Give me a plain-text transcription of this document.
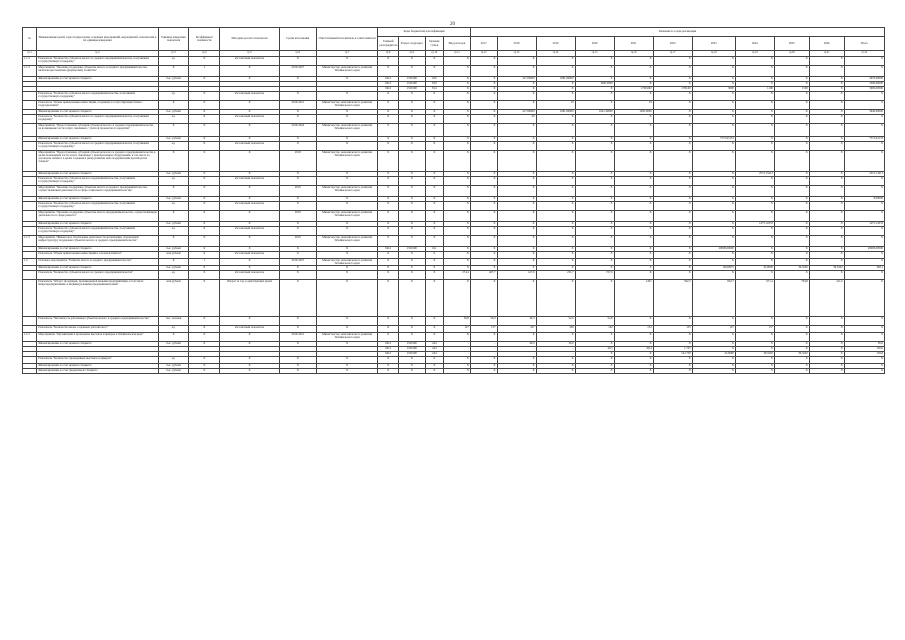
20
№	Наименование целей, задач подпрограмм, основных мероприятий, мероприятий, показателей и их единицы измерения	Единица измерения показателя	Коэффициент значимости	Методика расчета показателя	Сроки исполнения	Ответственный исполнитель и соисполнители	Коды бюджетной классификации				Значения по годам реализации										
							Главный распорядитель	Раздел, подраздел	Целевая статья	Вид расходов	2017	2018	2019	2020	2021	2022	2023	2024	2025	2026	Итого
гр.1	гр.2	гр.3	гр.4	гр.5	гр.6	гр.7	гр.8	гр.9	гр.10	гр.11	гр.12	гр.13	гр.14	гр.15	гр.16	гр.17	гр.18	гр.19	гр.20	гр.21	гр.22
1.1.2	Показатель "Количество субъектов малого и среднего предпринимательства, получивших государственную поддержку"	ед.	Х	абсолютный показатель	Х	Х	Х	Х	Х	Х	Х	Х	Х	Х	Х	Х	Х	Х	Х	Х	Х
1.1.3	Мероприятие "Оказание поддержки субъектам малого и среднего предпринимательства, включая крестьянские (фермерские) хозяйства"	Х	1	Х	2019-2027	Министерство экономического развития Забайкальского края	Х	Х	Х	Х	Х	Х	Х	Х	Х	Х	Х	Х	Х	Х	Х
	Финансирование за счет краевого бюджета	тыс. рублей	Х	Х	Х	Х	0412	1520100	630	Х	Х	417,00000	1081,60000	Х	Х	Х	Х	Х	Х	Х	2670,00000
							0412	1520100	810	Х	Х	Х	Х	1000,0000	Х	Х	Х	Х	Х	Х	1000,00000
							0412	1520100	814	Х	Х	Х	Х	Х	1700,000	1700,00	3000	1100	1500	Х	3000,00000
	Показатель "Количество субъектов малого предпринимательства, получивших государственную поддержку"	ед.	Х	абсолютный показатель	Х	Х	Х	Х	Х	Х	Х	Х	Х	Х	Х	Х	Х	Х	Х	Х	Х
	Показатель "Объем привлеченных инвестиций, созданных в сопутствующих бизнес-подразделениях"	Х	Х	Х	2019-2021	Министерство экономического развития Забайкальского края	Х	Х	Х	Х	Х	Х	19	Х	19	Х	Х	Х	Х	Х	Х
	Финансирование за счет краевого бюджета	тыс. рублей	Х	Х	Х	Х	Х	Х	Х	Х	Х	417,00000	1081,60000	1641,40000	1200,0000	Х	Х	Х	Х	Х	3940,00000
	Показатель "Количество субъектов малого и среднего предпринимательства, получивших поддержку"	ед.	Х	абсолютный показатель	Х	Х	Х	Х	Х	Х	Х	40	Х	Х	Х	Х	Х	Х	Х	Х	Х
	Мероприятие "Предоставление субсидий субъектам малого и среднего предпринимательства на возмещение части затрат, связанных с уплатой процентов по кредитам"	Х	Х	Х	2019-2024	Министерство экономического развития Забайкальского края	Х	Х	Х	Х	Х	Х	Х	Х	Х	Х	Х	Х	Х	Х	Х
	Финансирование за счет краевого бюджета	тыс. рублей	Х	Х	Х	Х	Х	Х	Х	Х	Х	Х	Х	Х	Х	Х	7573,63133	Х	Х	Х	7573,63133
	Показатель "Количество субъектов малого и среднего предпринимательства, получивших государственную поддержку"	ед.	Х	абсолютный показатель	Х	Х	Х	Х	Х	Х	Х	Х	Х	Х	Х	Х	Х	Х	Х	Х	Х
	Мероприятие "Предоставление субсидий субъектам малого и среднего предпринимательства в целях возмещения части затрат, связанных с приобретением оборудования, в том числе по договорам лизинга, в целях создания и (или) развития либо модернизации производства товаров"	Х	Х	Х	2018	Министерство экономического развития Забайкальского края	Х	Х	Х	Х	Х	Х	Х	Х	Х	Х	Х	Х	Х	Х	Х
	Финансирование за счет краевого бюджета	тыс. рублей	Х	Х	Х	Х	Х	Х	Х	Х	Х	Х	Х	Х	Х	Х	Х	2572,13413	Х	Х	2572,13413
	Показатель "Количество субъектов малого предпринимательства, получивших государственную поддержку"	ед.	Х	абсолютный показатель	Х	Х	Х	Х	Х	Х	Х	Х	Х	Х	Х	Х	Х	Х	Х	Х	Х
	Мероприятие "Оказание поддержки субъектам малого и среднего предпринимательства, осуществляющим деятельность в сфере социального предпринимательства"	Х	Х	Х	2019	Министерство экономического развития Забайкальского края	Х	Х	Х	Х	Х	Х	Х	Х	Х	Х	Х	Х	Х	Х	Х
	Финансирование за счет краевого бюджета	тыс. рублей	Х	Х	Х	Х	Х	Х	Х	Х	Х	Х	Х	Х	Х	Х	Х	Х	Х	Х	8,00000
	Показатель "Количество субъектов малого предпринимательства, получивших государственную поддержку"	ед.	Х	абсолютный показатель	Х	Х	Х	Х	Х	Х	Х	Х	Х	Х	Х	Х	Х	Х	Х	Х	Х
	Мероприятие "Оказание поддержки субъектам малого предпринимательства, осуществляющим деятельность в сфере ремесел"	Х	Х	Х	2018	Министерство экономического развития Забайкальского края	Х	Х	Х	Х	Х	Х	Х	Х	Х	Х	Х	Х	Х	Х	Х
	Финансирование за счет краевого бюджета	тыс. рублей	Х	Х	Х	Х	Х	Х	Х	Х	Х	Х	Х	Х	Х	Х	Х	1475,14333	Х	Х	1475,14333
	Показатель "Количество субъектов малого предпринимательства, получивших государственную поддержку"	ед.	Х	абсолютный показатель	Х	Х	Х	Х	Х	Х	Х	Х	Х	Х	Х	Х	Х	Х	Х	Х	Х
1.1.5	Мероприятие "Финансовое обеспечение деятельности организации, образующей инфраструктуру поддержки субъектов малого и среднего предпринимательства"	Х	Х	Х	2019	Министерство экономического развития Забайкальского края	Х	Х	Х	Х	Х	Х	Х	Х	Х	Х	Х	Х	Х	Х	Х
	Финансирование за счет краевого бюджета	тыс. рублей	Х	Х	Х	Х	0412	1520100	611	Х	Х	Х	Х	Х	Х	Х	29000,00000	Х	Х	Х	29000,00000
	Показатель "Объем привлеченных инвестиций в основной капитал"	млн рублей	Х	абсолютный показатель	Х	Х	Х	Х	Х	Х	Х	Х	Х	Х	Х	Х	Х	Х	Х	Х	Х
1.2	Основное мероприятие "Развитие малого и среднего предпринимательства"	Х	1	Х	2019-2027	Министерство экономического развития Забайкальского края	Х	Х	Х	Х	Х	Х	Х	Х	Х	Х	Х	Х	Х	Х	Х
	Финансирование за счет краевого бюджета	тыс. рублей	Х	Х	Х	Х	Х	Х	Х	Х	Х	Х	Х	Х	Х	Х	49,09975	45,0000	39,3202	39,3202	348,1
	Показатель "Количество субъектов малого и среднего предпринимательства"	ед.	Х	абсолютный показатель	Х	Х	Х	Х	Х	274,4	467,7	417,6	231,7	727,9	Х	Х	Х	Х	Х	Х	Х
	Показатель "Оборот продукции, произведенной малыми предприятиями, в том числе микропредприятиями, и индивидуальными предпринимателями"	млн рублей	Х	Оборот за год, в действующих ценах	Х	Х	Х	Х	Х	Х	Х	Х	Х	Х	1401	562,5	692,7	671,4	794,8	411,6	Х
	Показатель "Численность работников субъектов малого и среднего предпринимательства"	тыс. человек	Х	Х	Х	Х	Х	Х	Х	56,8	56,9	49,3	52,6	52,8	Х	Х	Х	Х	Х	Х	Х
	Показатель "Количество вновь созданных рабочих мест"	ед.	Х	абсолютный показатель	Х	Х	Х	Х	Х	127	157	167	168	162	152	155	127	157	Х	Х	Х
1.2.1	Мероприятие "Организация и проведение выставок и ярмарок в Забайкальском крае"	Х	Х	Х	2019-2021	Министерство экономического развития Забайкальского края	Х	Х	Х	Х	Х	Х	Х	Х	Х	Х	Х	Х	Х	Х	Х
	Финансирование за счет краевого бюджета	тыс. рублей	Х	Х	Х	Х	0412	1520100	244	-	-	49,0	36,0	Х	Х	Х	Х	Х	Х	Х	85,0
							0412	1520100	244	-	-	-	-	49,5	69,4	1,725	Х	Х	Х	Х	120,6
							0412	1520100	244	-	-	-	-	Х	Х	16,1736	45,0000	39,3202	39,3202	Х	139,8
	Показатель "Количество проведенных выставок и ярмарок"	ед.	Х	Х	Х	Х	Х	Х	Х	Х	Х	Х	Х	Х	Х	Х	Х	Х	Х	Х	Х
	Финансирование за счет краевого бюджета	тыс. рублей	Х	Х	Х	Х	Х	Х	Х	Х	Х	Х	Х	Х	Х	Х	Х	Х	Х	Х	Х
	Финансирование за счет федерального бюджета	тыс. рублей	Х	Х	Х	Х	Х	Х	Х	Х	Х	Х	Х	Х	Х	Х	Х	Х	Х	Х	Х
